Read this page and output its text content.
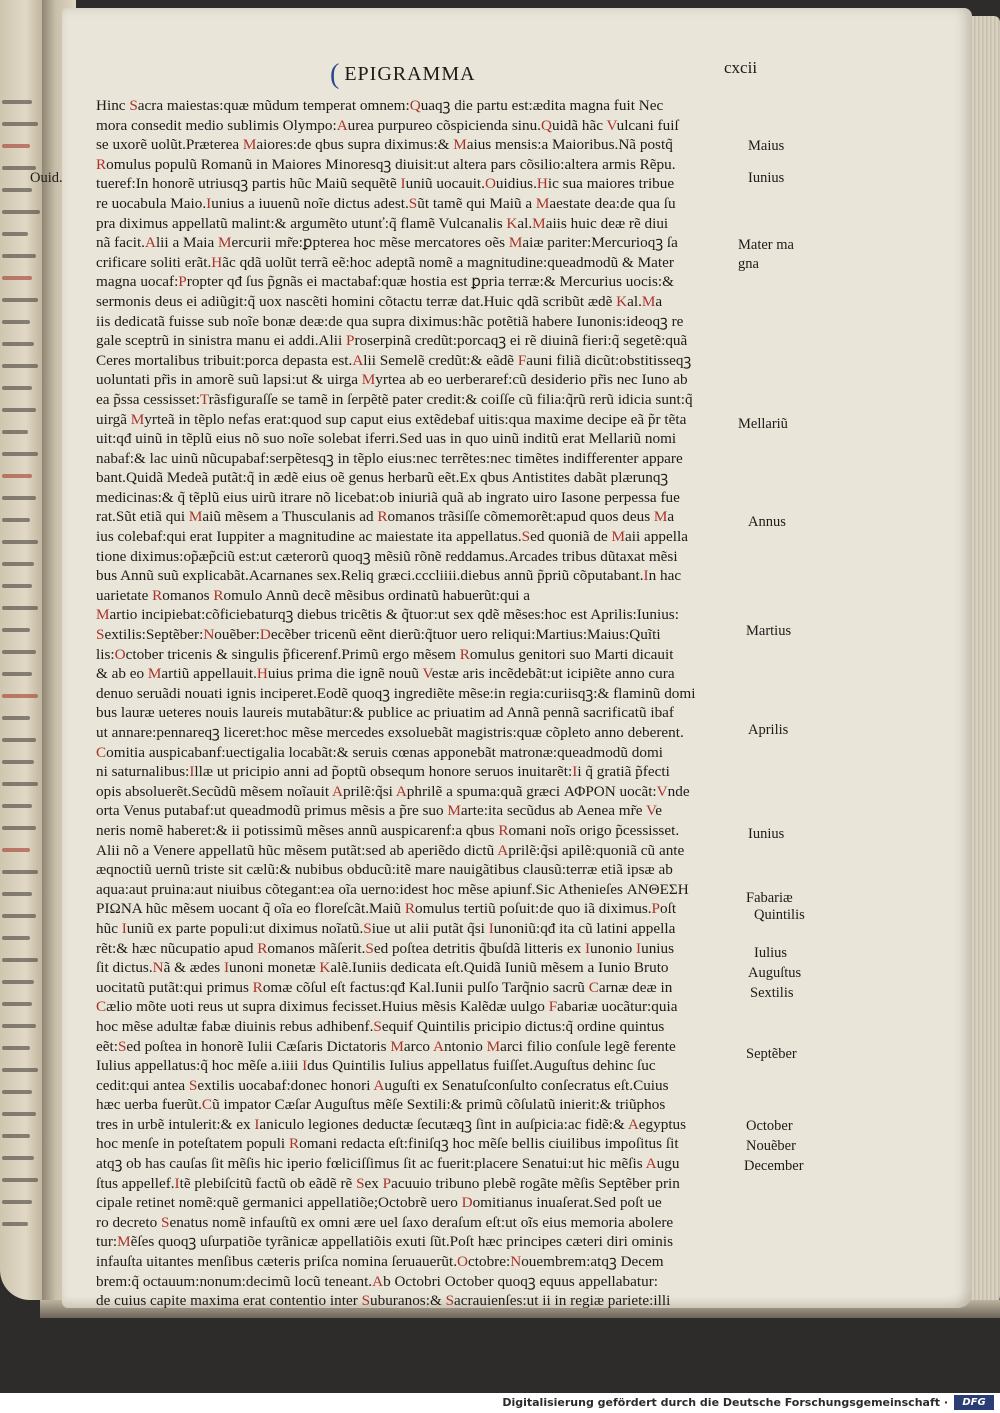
( EPIGRAMMA	cxcii
Hinc Sacra maiestas:quæ mũdum temperat omnem:Quaqꝫ die partu est:ædita magna fuit Nec
mora consedit medio sublimis Olympo:Aurea purpureo cõspicienda sinu.Quidã hãc Vulcani fuiſ
se uxorẽ uolũt.Præterea Maiores:de qbus supra diximus:& Maius mensis:a Maioribus.Nã postq
Romulus populũ Romanũ in Maiores Minoresqꝫ diuisit:ut altera pars cõsilio:altera armis Rẽpu.
tueref:In honorẽ utriusqꝫ partis hũc Maiũ sequẽtẽ Iuniũ uocauit.Ouidius.Hic sua maiores tribue
re uocabula Maio.Iunius a iuuenũ noĩe dictus adest.Sũt tamẽ qui Maiũ a Maestate dea:de qua ſu
pra diximus appellatũ malint:& argumẽto utunť:q flamẽ Vulcanalis Kal.Maiis huic deæ rẽ diui
nã facit.Alii a Maia Mercurii mre:ꝑpterea hoc mẽse mercatores oẽs Maiæ pariter:Mercurioqꝫ ſa
crificare soliti erãt.Hãc qdã uolũt terrã eẽ:hoc adeptã nomẽ a magnitudine:queadmodũ & Mater
magna uocaf:Propter qđ ſus pgnãs ei mactabaf:quæ hostia est ꝑpria terræ:& Mercurius uocis:&
sermonis deus ei adiũgit:q uox nascẽti homini cõtactu terræ dat.Huic qdã scribũt ædẽ Kal.Ma
iis dedicatã fuisse sub noĩe bonæ deæ:de qua supra diximus:hãc potẽtiã habere Iunonis:ideoqꝫ re
gale sceptrũ in sinistra manu ei addi.Alii Proserpinã credũt:porcaqꝫ ei rẽ diuinã fieri:q segetẽ:quã
Ceres mortalibus tribuit:porca depasta est.Alii Semelẽ credũt:& eãdẽ Fauni filiã dicũt:obstitisseqꝫ
uoluntati pris in amorẽ suũ lapsi:ut & uirga Myrtea ab eo uerberaref:cũ desiderio pris nec Iuno ab
ea pssa cessisset:Trãsfiguraſſe se tamẽ in ſerpẽtẽ pater credit:& coiſſe cũ filia:qrũ rerũ idicia sunt:q
uirgã Myrteã in tẽplo nefas erat:quod sup caput eius extẽdebaf uitis:qua maxime decipe eã pr tẽta
uit:qđ uinũ in tẽplũ eius nõ suo noĩe solebat iferri.Sed uas in quo uinũ inditũ erat Mellariũ nomi
nabaf:& lac uinũ nũcupabaf:serpẽtesqꝫ in tẽplo eius:nec terrẽtes:nec timẽtes indifferenter appare
bant.Quidã Medeã putãt:q in ædẽ eius oẽ genus herbarũ eẽt.Ex qbus Antistites dabãt plærunqꝫ
medicinas:& q tẽplũ eius uirũ itrare nõ licebat:ob iniuriã quã ab ingrato uiro Iasone perpessa fue
rat.Sũt etiã qui Maiũ mẽsem a Thusculanis ad Romanos trãsiſſe cõmemorẽt:apud quos deus Ma
ius colebaf:qui erat Iuppiter a magnitudine ac maiestate ita appellatus.Sed quoniã de Maii appella
tione diximus:opæpciũ est:ut cæterorũ quoqꝫ mẽsiũ rõnẽ reddamus.Arcades tribus dũtaxat mẽsi
bus Annũ suũ explicabãt.Acarnanes sex.Reliq græci.cccliiii.diebus annũ ppriũ cõputabant.In hac
uarietate Romanos Romulo Annũ decẽ mẽsibus ordinatũ habuerũt:qui a
Martio incipiebat:cõficiebaturqꝫ diebus tricẽtis & qtuor:ut sex qdẽ mẽses:hoc est Aprilis:Iunius:
Sextilis:Septẽber:Nouẽber:Decẽber tricenũ eẽnt dierũ:qtuor uero reliqui:Martius:Maius:Quĩti
lis:October tricenis & singulis pficerenf.Primũ ergo mẽsem Romulus genitori suo Marti dicauit
& ab eo Martiũ appellauit.Huius prima die ignẽ nouũ Vestæ aris incẽdebãt:ut icipiẽte anno cura
denuo seruãdi nouati ignis inciperet.Eodẽ quoqꝫ ingrediẽte mẽse:in regia:curiisqꝫ:& flaminũ domi
bus lauræ ueteres nouis laureis mutabãtur:& publice ac priuatim ad Annã pennã sacrificatũ ibaf
ut annare:pennareqꝫ liceret:hoc mẽse mercedes exsoluebãt magistris:quæ cõpleto anno deberent.
Comitia auspicabanf:uectigalia locabãt:& seruis cœnas apponebãt matronæ:queadmodũ domi
ni saturnalibus:Illæ ut pricipio anni ad poptũ obsequm honore seruos inuitarẽt:Ii q gratiã pfecti
opis absoluerẽt.Secũdũ mẽsem noĩauit Aprilẽ:qsi Aphrilẽ a spuma:quã græci ΑΦΡΟΝ uocãt:Vnde
orta Venus putabaf:ut queadmodũ primus mẽsis a pre suo Marte:ita secũdus ab Aenea mre Ve
neris nomẽ haberet:& ii potissimũ mẽses annũ auspicarenf:a qbus Romani noĩs origo pcessisset.
Alii nõ a Venere appellatũ hũc mẽsem putãt:sed ab aperiẽdo dictũ Aprilẽ:qsi apilẽ:quoniã cũ ante
æqnoctiũ uernũ triste sit cælũ:& nubibus obducũ:itẽ mare nauigãtibus clausũ:terræ etiã ipsæ ab
aqua:aut pruina:aut niuibus cõtegant:ea oĩa uerno:idest hoc mẽse apiunf.Sic Athenieſes ΑΝΘΕΣΗ
ΡΙΩΝΑ hũc mẽsem uocant q oĩa eo floreſcãt.Maiũ Romulus tertiũ poſuit:de quo iã diximus.Poſt
hũc Iuniũ ex parte populi:ut diximus noĩatũ.Siue ut alii putãt qsi Iunoniũ:qđ ita cũ latini appella
rẽt:& hæc nũcupatio apud Romanos mãſerit.Sed poſtea detritis qbuſdã litteris ex Iunonio Iunius
ſit dictus.Nã & ædes Iunoni monetæ Kalẽ.Iuniis dedicata eſt.Quidã Iuniũ mẽsem a Iunio Bruto
uocitatũ putãt:qui primus Romæ cõſul eſt factus:qđ Kal.Iunii pulſo Tarqnio sacrũ Carnæ deæ in
Cælio mõte uoti reus ut supra diximus fecisset.Huius mẽsis Kalẽdæ uulgo Fabariæ uocãtur:quia
hoc mẽse adultæ fabæ diuinis rebus adhibenf.Sequif Quintilis pricipio dictus:q ordine quintus
eẽt:Sed poſtea in honorẽ Iulii Cæſaris Dictatoris Marco Antonio Marci filio conſule legẽ ferente
Iulius appellatus:q hoc mẽſe a.iiii Idus Quintilis Iulius appellatus fuiſſet.Auguſtus dehinc ſuc
cedit:qui antea Sextilis uocabaf:donec honori Auguſti ex Senatuſconſulto conſecratus eſt.Cuius
hæc uerba fuerũt.Cũ impator Cæſar Auguſtus mẽſe Sextili:& primũ cõſulatũ inierit:& triũphos
tres in urbẽ intulerit:& ex Ianiculo legiones deductæ ſecutæqꝫ ſint in auſpicia:ac fidẽ:& Aegyptus
hoc menſe in poteſtatem populi Romani redacta eſt:finiſqꝫ hoc mẽſe bellis ciuilibus impoſitus ſit
atqꝫ ob has cauſas ſit mẽſis hic iperio fœliciſſimus ſit ac fuerit:placere Senatui:ut hic mẽſis Augu
ſtus appellef.Itẽ plebiſcitũ factũ ob eãdẽ rẽ Sex Pacuuio tribuno plebẽ rogãte mẽſis Septẽber prin
cipale retinet nomẽ:quẽ germanici appellatiõe;Octobrẽ uero Domitianus inuaſerat.Sed poſt ue
ro decreto Senatus nomẽ infauſtũ ex omni ære uel ſaxo deraſum eſt:ut oĩs eius memoria abolere
tur:Mẽſes quoqꝫ uſurpatiõe tyrãnicæ appellatiõis exuti ſũt.Poſt hæc principes cæteri diri ominis
infauſta uitantes menſibus cæteris priſca nomina ſeruauerũt.Octobre:Nouembrem:atqꝫ Decem
brem:q octauum:nonum:decimũ locũ teneant.Ab Octobri October quoqꝫ equus appellabatur:
de cuius capite maxima erat contentio inter Suburanos:& Sacrauienſes:ut ii in regiæ pariete:illi
Ouid.
Maius
Iunius
Mater ma
gna
Mellariũ
Annus
Martius
Aprilis
Iunius
Fabariæ
Quintilis
Iulius
Auguſtus
Sextilis
Septẽber
October
Nouẽber
December
Digitalisierung gefördert durch die Deutsche Forschungsgemeinschaft ·	DFG
